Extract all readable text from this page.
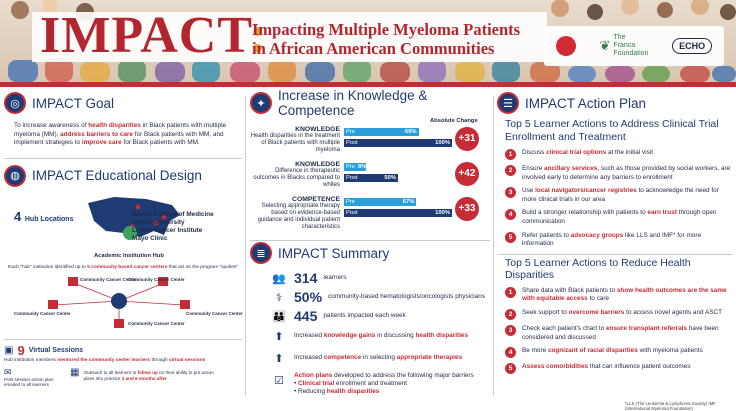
IMPACT:
Impacting Multiple Myeloma Patients
in African American Communities	❦
The
Franca
Foundation
ECHO
◎ IMPACT Goal

To increase awareness of health disparities in Black patients with multiple myeloma (MM), address barriers to care for Black patients with MM, and implement strategies to improve care for Black patients with MM.

◍ IMPACT Educational Design
4 Hub Locations
Baylor College of Medicine
Emory University
Levine Cancer Institute
Mayo Clinic
Academic Institution Hub

Each "hub" institution identified up to 5 community-based cancer centers that act as the program "spokes"

Community Cancer Center
Community Cancer Center
Community Cancer Center	Community Cancer Center
Community Cancer Center
▣ 9 Virtual Sessions

Hub institution members mentored the community center learners through virtual sessions

✉
Post session action plan emailed to all learners
▦ Outreach to all learners to follow up on their ability to put action plans into practice 3 and 6 months after
✦
Increase in Knowledge & Competence
Absolute Change
KNOWLEDGE
Health disparities in the treatment of Black patients with multiple myeloma
Pre	69%
Post	100% +31
KNOWLEDGE
Difference in therapeutic outcomes in Blacks compared to whites
Pre 8%
Post	50%	+42
COMPETENCE
Selecting appropriate therapy based on evidence-based guidance and individual patient characteristics
Pre	67%
Post	100% +33
≣ IMPACT Summary
👥 314 learners
⚕ 50% community-based hematologists/oncologists physicians
👪 445 patients impacted each week
⬆	Increased knowledge gains in discussing health disparities
⬆	Increased competence in selecting appropriate therapies
☑	Action plans developed to address the following major barriers
• Clinical trial enrollment and treatment
• Reducing health disparities
☰ IMPACT Action Plan
Top 5 Learner Actions to Address Clinical Trial Enrollment and Treatment
1	Discuss clinical trial options at the initial visit
2	Ensure ancillary services, such as those provided by social workers, are involved early to determine any barriers to enrollment
3	Use local navigators/cancer registries to acknowledge the need for more clinical trials in our area
4	Build a stronger relationship with patients to earn trust through open communication
5	Refer patients to advocacy groups like LLS and IMF* for more information
Top 5 Learner Actions to Reduce Health Disparities
1	Share data with Black patients to show health outcomes are the same with equitable access to care
2	Seek support to overcome barriers to access novel agents and ASCT
3	Check each patient's chart to ensure transplant referrals have been considered and discussed
4	Be more cognizant of racial disparities with myeloma patients
5	Assess comorbidities that can influence patient outcomes
*LLS (The Leukemia & Lymphoma Society) IMF (International Myeloma Foundation)
